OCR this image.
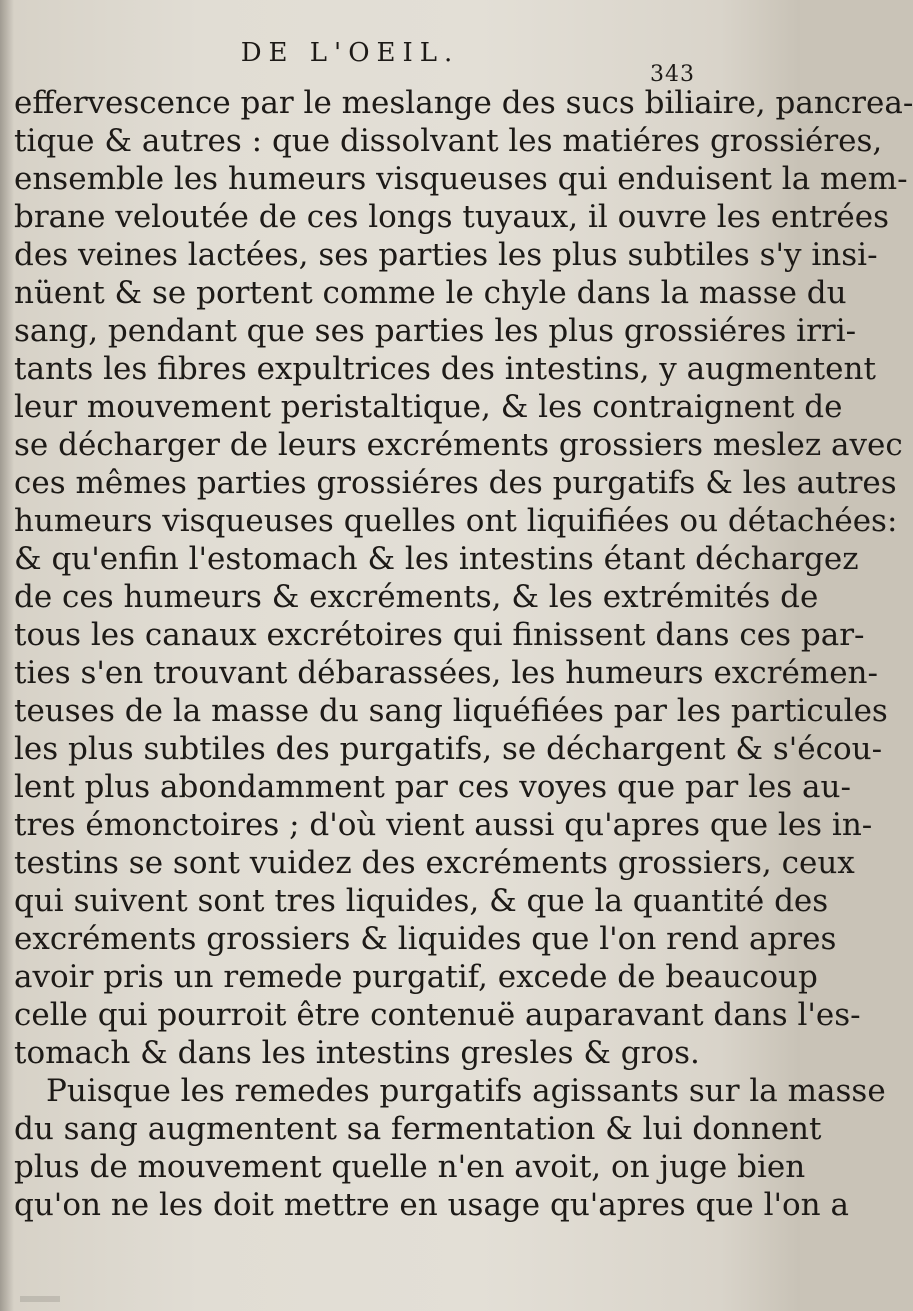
DE L'OEIL.
343
effervescence par le meslange des sucs biliaire, pancrea-
tique & autres : que dissolvant les matiéres grossiéres,
ensemble les humeurs visqueuses qui enduisent la mem-
brane veloutée de ces longs tuyaux, il ouvre les entrées
des veines lactées, ses parties les plus subtiles s'y insi-
nüent & se portent comme le chyle dans la masse du
sang, pendant que ses parties les plus grossiéres irri-
tants les fibres expultrices des intestins, y augmentent
leur mouvement peristaltique, & les contraignent de
se décharger de leurs excréments grossiers meslez avec
ces mêmes parties grossiéres des purgatifs & les autres
humeurs visqueuses quelles ont liquifiées ou détachées:
& qu'enfin l'estomach & les intestins étant déchargez
de ces humeurs & excréments, & les extrémités de
tous les canaux excrétoires qui finissent dans ces par-
ties s'en trouvant débarassées, les humeurs excrémen-
teuses de la masse du sang liquéfiées par les particules
les plus subtiles des purgatifs, se déchargent & s'écou-
lent plus abondamment par ces voyes que par les au-
tres émonctoires ; d'où vient aussi qu'apres que les in-
testins se sont vuidez des excréments grossiers, ceux
qui suivent sont tres liquides, & que la quantité des
excréments grossiers & liquides que l'on rend apres
avoir pris un remede purgatif, excede de beaucoup
celle qui pourroit être contenuë auparavant dans l'es-
tomach & dans les intestins gresles & gros.
Puisque les remedes purgatifs agissants sur la masse
du sang augmentent sa fermentation & lui donnent
plus de mouvement quelle n'en avoit, on juge bien
qu'on ne les doit mettre en usage qu'apres que l'on a
